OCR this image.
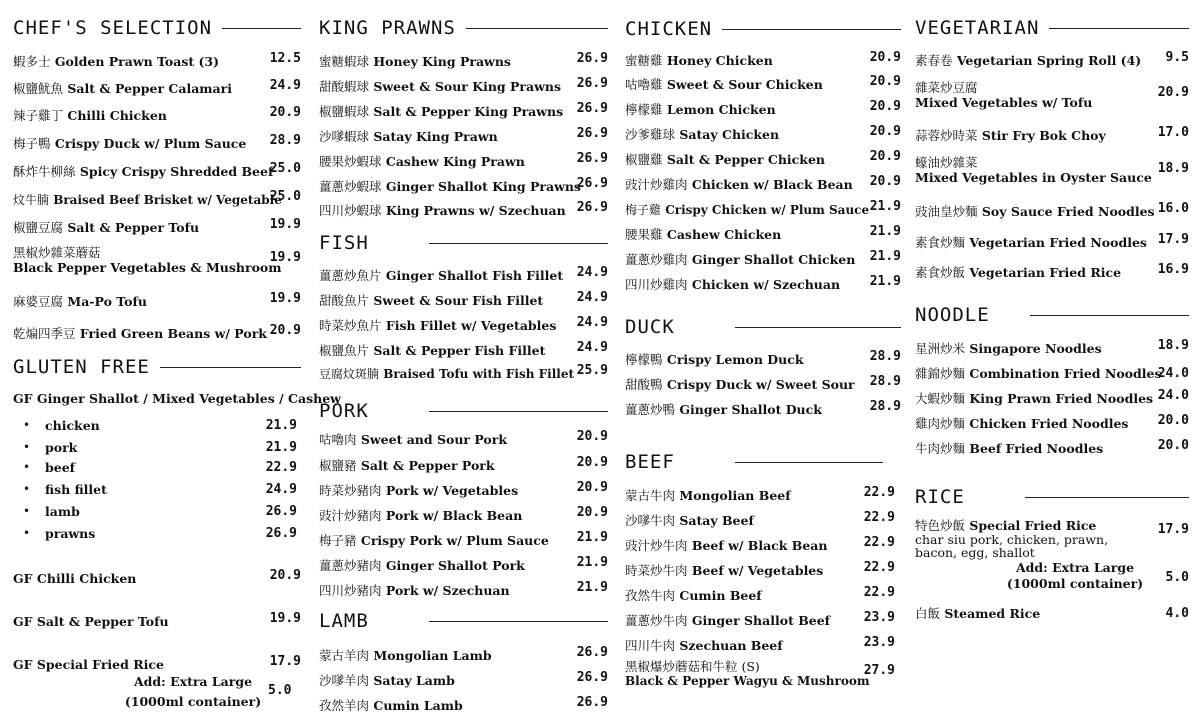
CHEF'S SELECTION
蝦多士 Golden Prawn Toast (3)	12.5
椒鹽魷魚 Salt & Pepper Calamari	24.9
辣子雞丁 Chilli Chicken	20.9
梅子鴨 Crispy Duck w/ Plum Sauce 28.9
酥炸牛柳絲 Spicy Crispy Shredded Beef
25.0
炆牛腩 Braised Beef Brisket w/ Vegetable
25.0
椒鹽豆腐 Salt & Pepper Tofu	19.9
黑椒炒雜菜蘑菇
Black Pepper Vegetables & Mushroom
19.9
麻婆豆腐 Ma-Po Tofu	19.9
乾煸四季豆 Fried Green Beans w/ Pork 20.9
GLUTEN FREE
GF Ginger Shallot / Mixed Vegetables / Cashew
• chicken	21.9
• pork	21.9
• beef	22.9
• fish fillet	24.9
• lamb	26.9
• prawns	26.9
GF Chilli Chicken	20.9
GF Salt & Pepper Tofu	19.9
GF Special Fried Rice	17.9
Add: Extra Large
(1000ml container)
5.0
KING PRAWNS
蜜糖蝦球 Honey King Prawns	26.9
甜酸蝦球 Sweet & Sour King Prawns 26.9
椒鹽蝦球 Salt & Pepper King Prawns 26.9
沙嗲蝦球 Satay King Prawn	26.9
腰果炒蝦球 Cashew King Prawn	26.9
薑蔥炒蝦球 Ginger Shallot King Prawns
26.9
四川炒蝦球 King Prawns w/ Szechuan 26.9
FISH
薑蔥炒魚片 Ginger Shallot Fish Fillet 24.9
甜酸魚片 Sweet & Sour Fish Fillet	24.9
時菜炒魚片 Fish Fillet w/ Vegetables 24.9
椒鹽魚片 Salt & Pepper Fish Fillet 24.9
豆腐炆斑腩 Braised Tofu with Fish Fillet 25.9
PORK
咕嚕肉 Sweet and Sour Pork	20.9
椒鹽豬 Salt & Pepper Pork	20.9
時菜炒豬肉 Pork w/ Vegetables	20.9
豉汁炒豬肉 Pork w/ Black Bean	20.9
梅子豬 Crispy Pork w/ Plum Sauce 21.9
薑蔥炒豬肉 Ginger Shallot Pork	21.9
四川炒豬肉 Pork w/ Szechuan	21.9
LAMB
蒙古羊肉 Mongolian Lamb	26.9
沙嗲羊肉 Satay Lamb	26.9
孜然羊肉 Cumin Lamb	26.9
CHICKEN
蜜糖雞 Honey Chicken	20.9
咕嚕雞 Sweet & Sour Chicken	20.9
檸檬雞 Lemon Chicken	20.9
沙爹雞球 Satay Chicken	20.9
椒鹽雞 Salt & Pepper Chicken	20.9
豉汁炒雞肉 Chicken w/ Black Bean 20.9
梅子雞 Crispy Chicken w/ Plum Sauce 21.9
腰果雞 Cashew Chicken	21.9
薑蔥炒雞肉 Ginger Shallot Chicken 21.9
四川炒雞肉 Chicken w/ Szechuan 21.9
DUCK
檸檬鴨 Crispy Lemon Duck	28.9
甜酸鴨 Crispy Duck w/ Sweet Sour 28.9
薑蔥炒鴨 Ginger Shallot Duck	28.9
BEEF
蒙古牛肉 Mongolian Beef	22.9
沙嗲牛肉 Satay Beef	22.9
豉汁炒牛肉 Beef w/ Black Bean	22.9
時菜炒牛肉 Beef w/ Vegetables	22.9
孜然牛肉 Cumin Beef	22.9
薑蔥炒牛肉 Ginger Shallot Beef	23.9
四川牛肉 Szechuan Beef	23.9
黑椒爆炒蘑菇和牛粒 (S)
Black & Pepper Wagyu & Mushroom
27.9
VEGETARIAN
素春卷 Vegetarian Spring Roll (4) 9.5
雜菜炒豆腐
Mixed Vegetables w/ Tofu
20.9
蒜蓉炒時菜 Stir Fry Bok Choy	17.0
蠔油炒雜菜
Mixed Vegetables in Oyster Sauce
18.9
豉油皇炒麵 Soy Sauce Fried Noodles 16.0
素食炒麵 Vegetarian Fried Noodles 17.9
素食炒飯 Vegetarian Fried Rice	16.9
NOODLE
星洲炒米 Singapore Noodles	18.9
雜錦炒麵 Combination Fried Noodles
24.0
大蝦炒麵 King Prawn Fried Noodles 24.0
雞肉炒麵 Chicken Fried Noodles 20.0
牛肉炒麵 Beef Fried Noodles	20.0
RICE
特色炒飯 Special Fried Rice
char siu pork, chicken, prawn, bacon, egg, shallot
17.9
Add: Extra Large
(1000ml container)	5.0
白飯 Steamed Rice	4.0
